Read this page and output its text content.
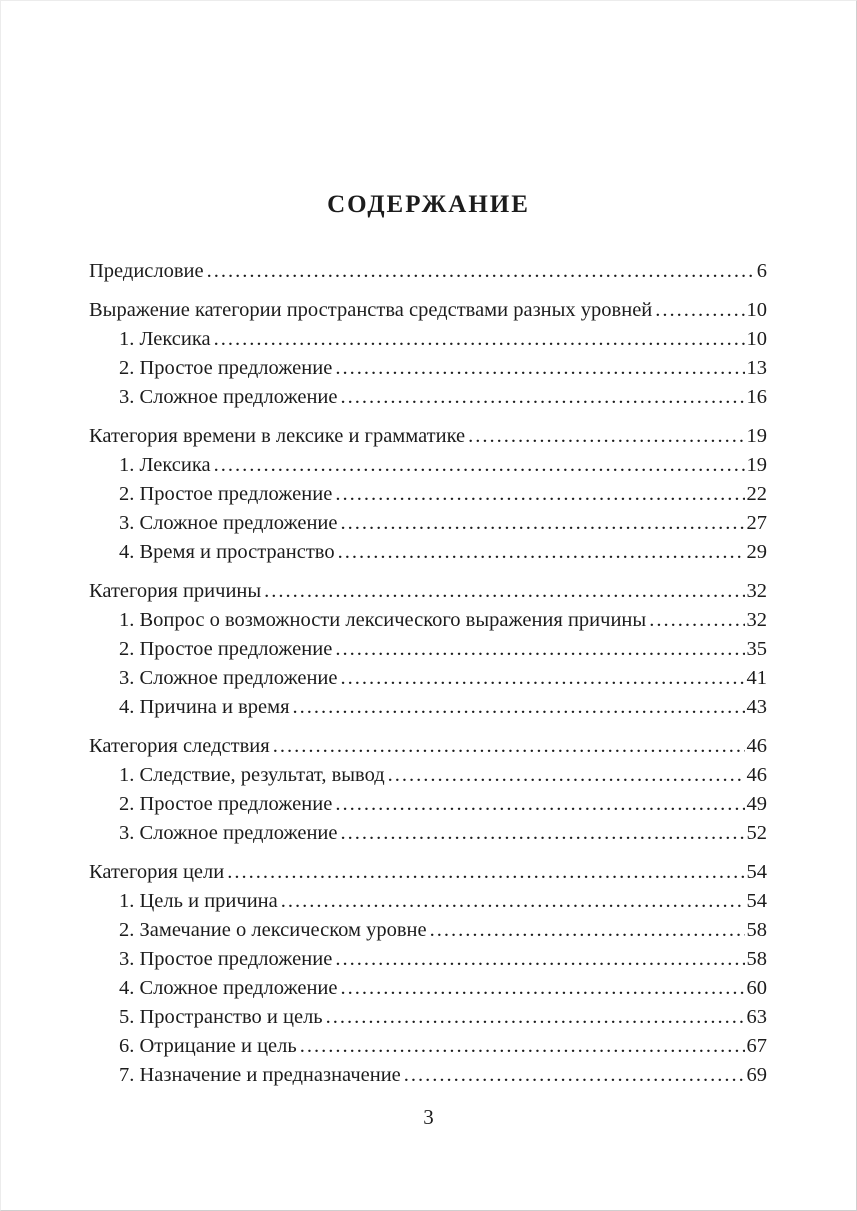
СОДЕРЖАНИЕ
Предисловие .....	6
Выражение категории пространства средствами разных уровней .....	10
1. Лексика .....	10
2. Простое предложение .....	13
3. Сложное предложение .....	16
Категория времени в лексике и грамматике .....	19
1. Лексика .....	19
2. Простое предложение .....	22
3. Сложное предложение .....	27
4. Время и пространство .....	29
Категория причины .....	32
1. Вопрос о возможности лексического выражения причины .....	32
2. Простое предложение .....	35
3. Сложное предложение .....	41
4. Причина и время .....	43
Категория следствия .....	46
1. Следствие, результат, вывод .....	46
2. Простое предложение .....	49
3. Сложное предложение .....	52
Категория цели .....	54
1. Цель и причина .....	54
2. Замечание о лексическом уровне .....	58
3. Простое предложение .....	58
4. Сложное предложение .....	60
5. Пространство и цель .....	63
6. Отрицание и цель .....	67
7. Назначение и предназначение .....	69
3
